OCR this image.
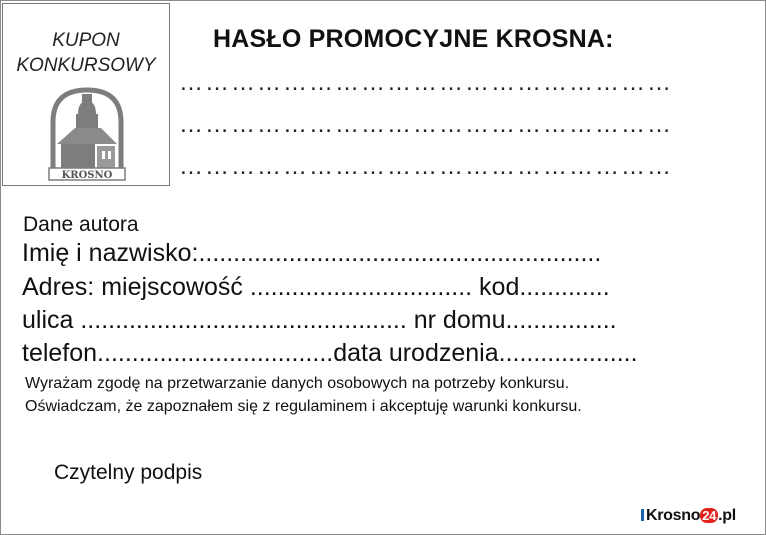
KUPON
KONKURSOWY
KROSNO
HASŁO PROMOCYJNE KROSNA:
…………………………………………………
…………………………………………………
…………………………………………………
Dane autora
Imię i nazwisko:..........................................................
Adres: miejscowość ................................ kod.............
ulica ............................................... nr domu................
telefon..................................data urodzenia....................
Wyrażam zgodę na przetwarzanie danych osobowych na potrzeby konkursu.
Oświadczam, że zapoznałem się z regulaminem i akceptuję warunki konkursu.
Czytelny podpis
Krosno 24 .pl
